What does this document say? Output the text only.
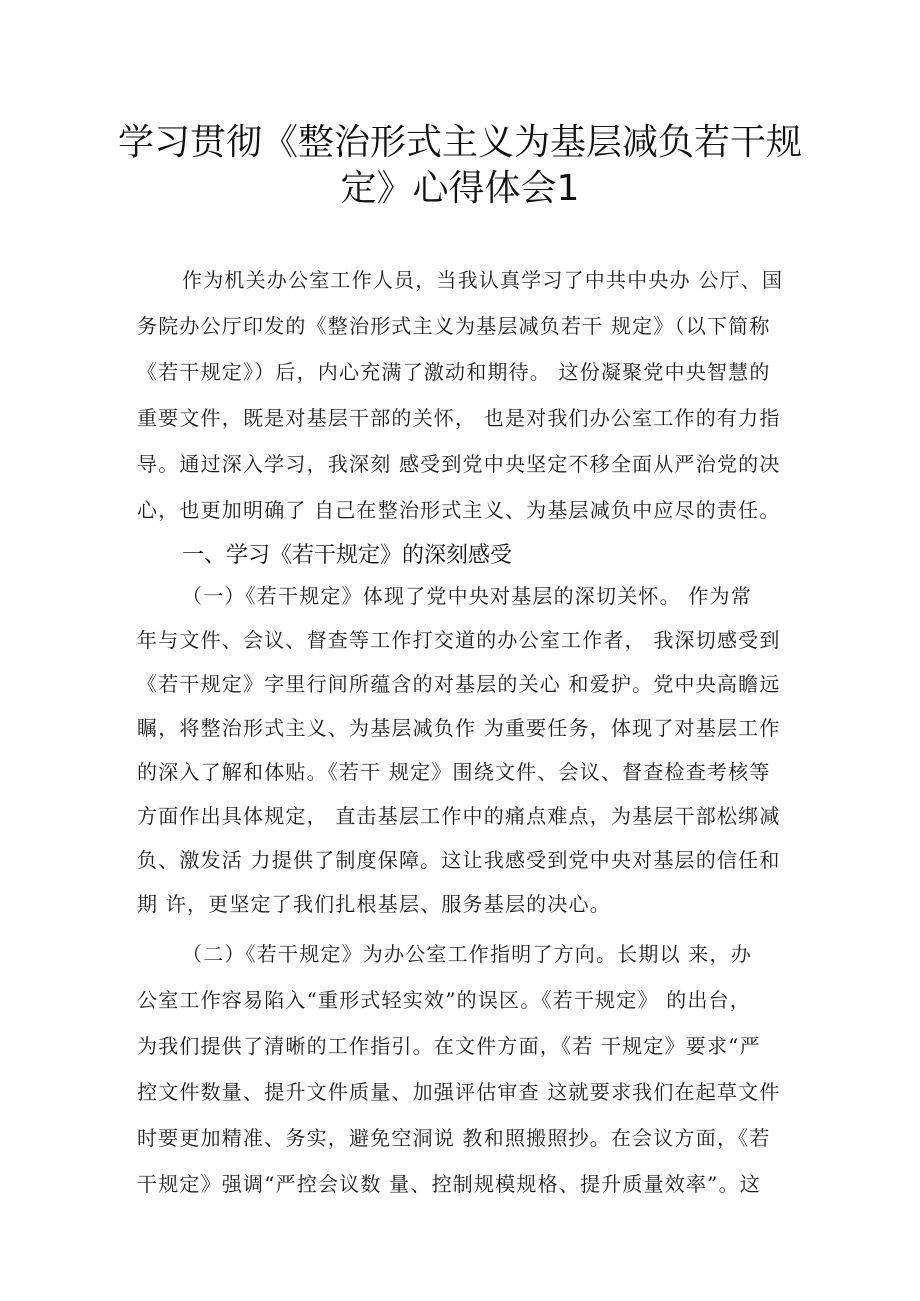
学习贯彻《整治形式主义为基层减负若干规
定》心得体会1
作为机关办公室工作人员，当我认真学习了中共中央办 公厅、国
务院办公厅印发的《整治形式主义为基层减负若干 规定》（以下简称
《若干规定》）后，内心充满了激动和期待。 这份凝聚党中央智慧的
重要文件，既是对基层干部的关怀， 也是对我们办公室工作的有力指
导。通过深入学习，我深刻 感受到党中央坚定不移全面从严治党的决
心，也更加明确了 自己在整治形式主义、为基层减负中应尽的责任。
一、学习《若干规定》的深刻感受
（一）《若干规定》体现了党中央对基层的深切关怀。 作为常
年与文件、会议、督查等工作打交道的办公室工作者， 我深切感受到
《若干规定》字里行间所蕴含的对基层的关心 和爱护。党中央高瞻远
瞩，将整治形式主义、为基层减负作 为重要任务，体现了对基层工作
的深入了解和体贴。《若干 规定》围绕文件、会议、督查检查考核等
方面作出具体规定， 直击基层工作中的痛点难点，为基层干部松绑减
负、激发活 力提供了制度保障。这让我感受到党中央对基层的信任和
期 许，更坚定了我们扎根基层、服务基层的决心。
（二）《若干规定》为办公室工作指明了方向。长期以 来，办
公室工作容易陷入“重形式轻实效”的误区。《若干规定》 的出台，
为我们提供了清晰的工作指引。在文件方面，《若 干规定》要求“严
控文件数量、提升文件质量、加强评估审查 这就要求我们在起草文件
时要更加精准、务实，避免空洞说 教和照搬照抄。在会议方面，《若
干规定》强调“严控会议数 量、控制规模规格、提升质量效率”。这
